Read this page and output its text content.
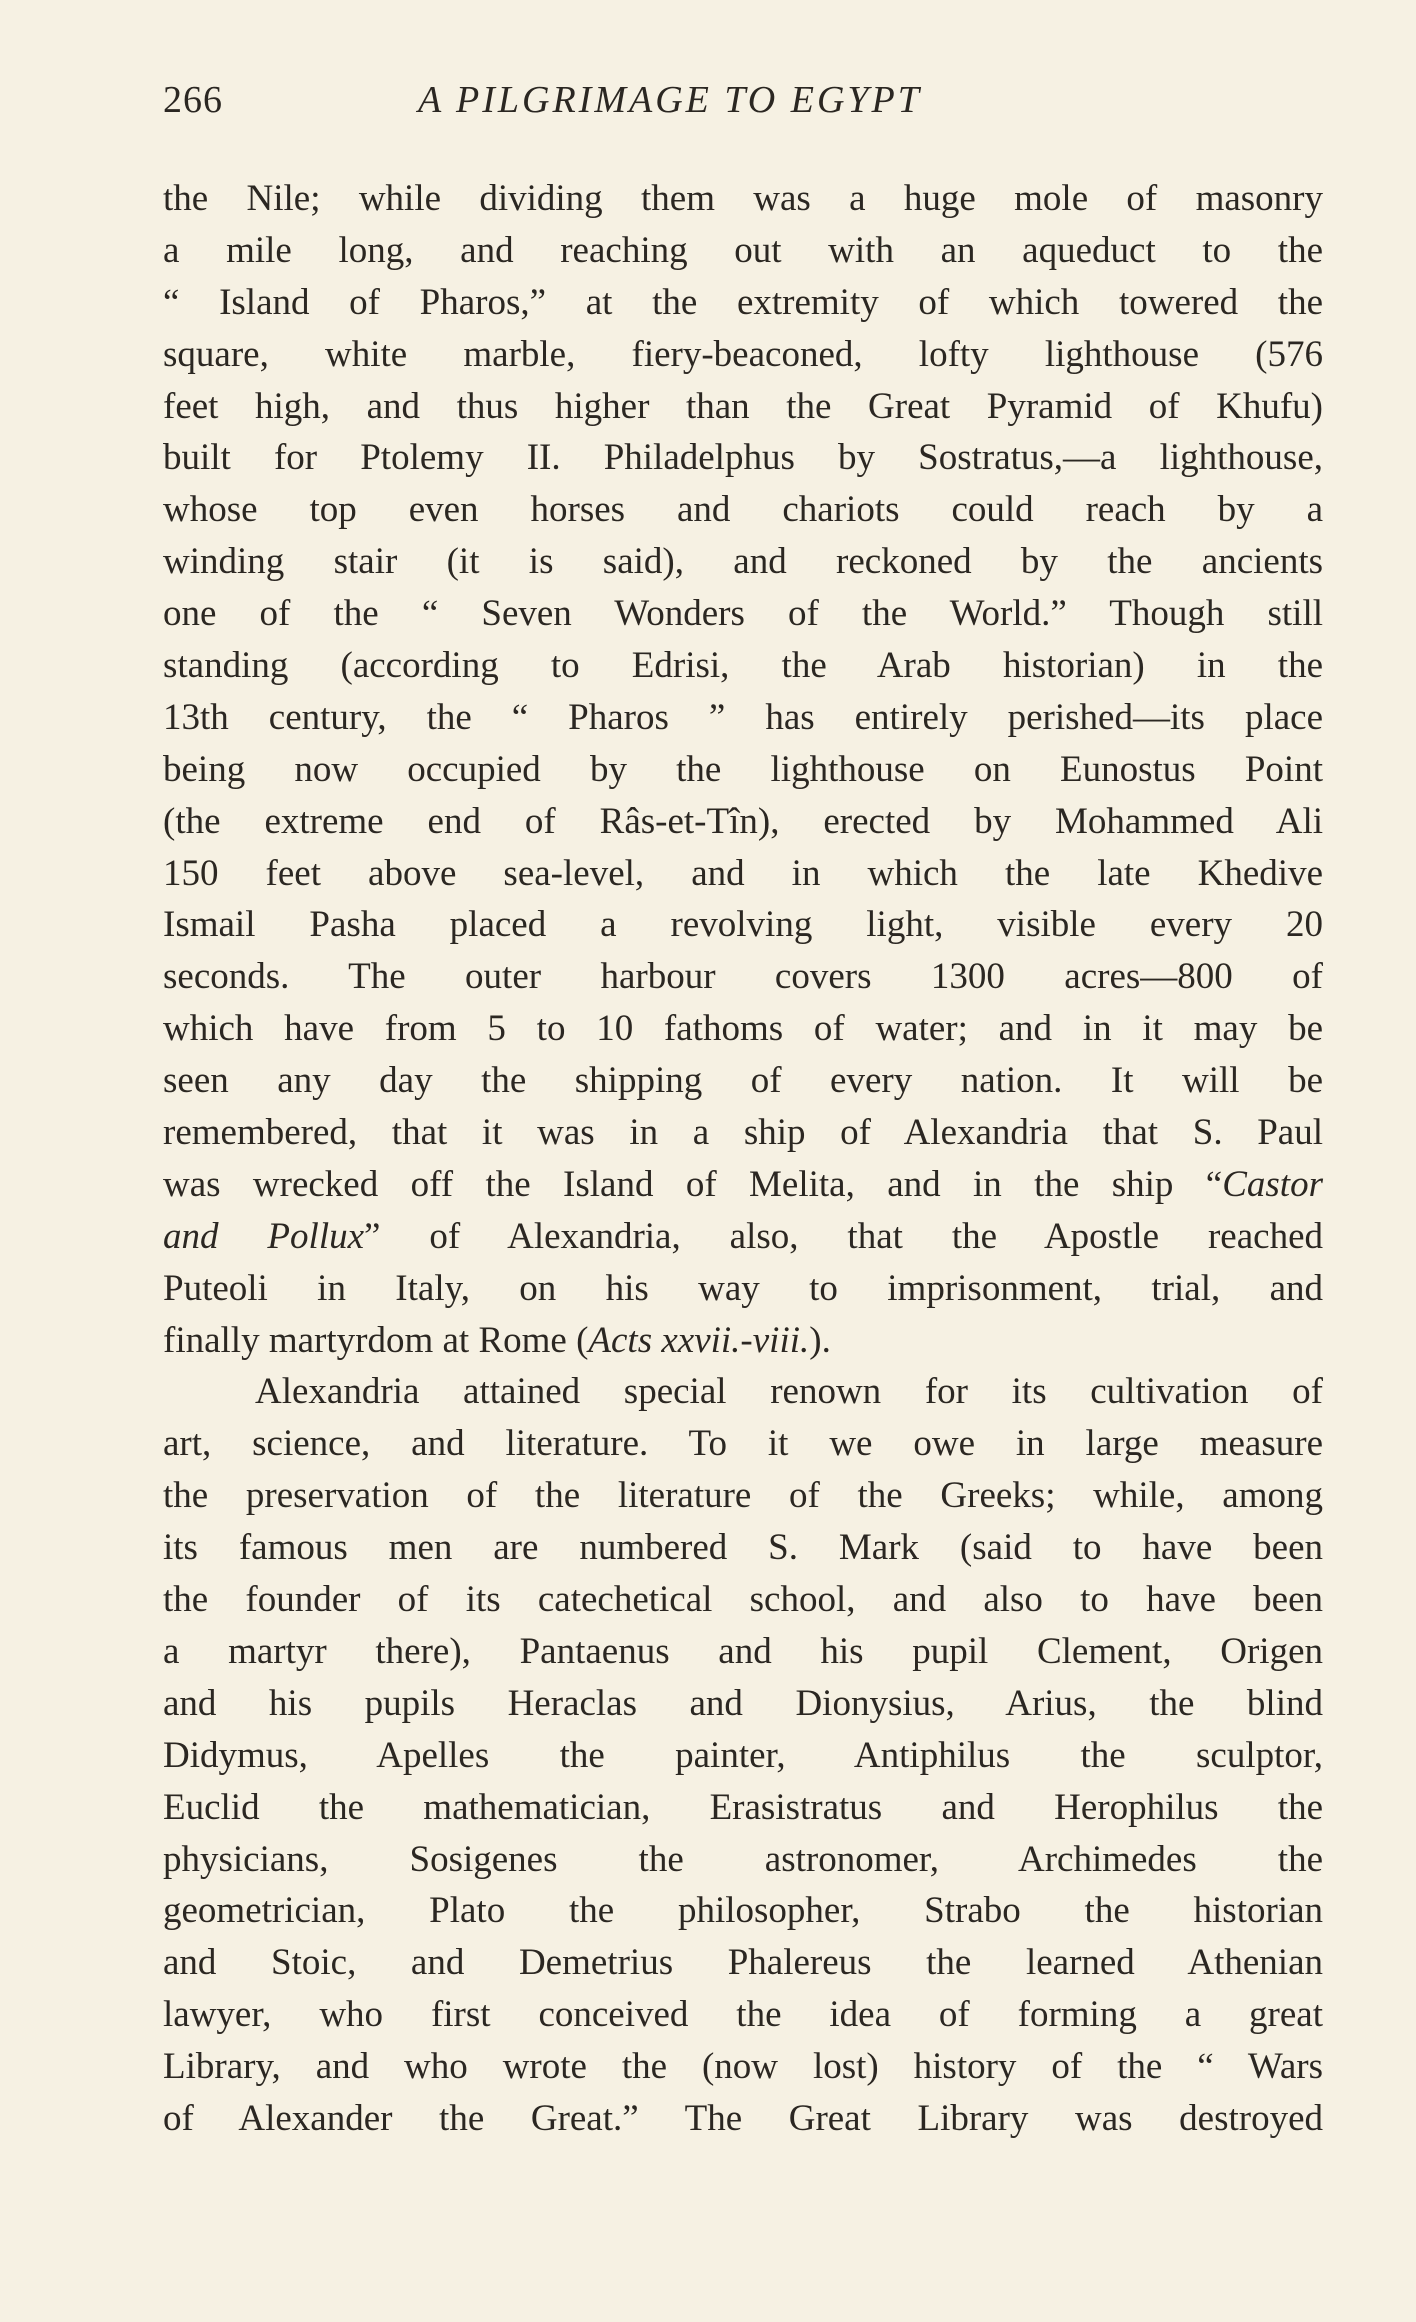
266	A PILGRIMAGE TO EGYPT
the Nile; while dividing them was a huge mole of masonry
a mile long, and reaching out with an aqueduct to the
“ Island of Pharos,” at the extremity of which towered the
square, white marble, fiery-beaconed, lofty lighthouse (576
feet high, and thus higher than the Great Pyramid of Khufu)
built for Ptolemy II. Philadelphus by Sostratus,—a lighthouse,
whose top even horses and chariots could reach by a
winding stair (it is said), and reckoned by the ancients
one of the “ Seven Wonders of the World.” Though still
standing (according to Edrisi, the Arab historian) in the
13th century, the “ Pharos ” has entirely perished—its place
being now occupied by the lighthouse on Eunostus Point
(the extreme end of Râs-et-Tîn), erected by Mohammed Ali
150 feet above sea-level, and in which the late Khedive
Ismail Pasha placed a revolving light, visible every 20
seconds. The outer harbour covers 1300 acres—800 of
which have from 5 to 10 fathoms of water; and in it may be
seen any day the shipping of every nation. It will be
remembered, that it was in a ship of Alexandria that S. Paul
was wrecked off the Island of Melita, and in the ship “Castor
and Pollux” of Alexandria, also, that the Apostle reached
Puteoli in Italy, on his way to imprisonment, trial, and
finally martyrdom at Rome (Acts xxvii.-viii.).
Alexandria attained special renown for its cultivation of
art, science, and literature. To it we owe in large measure
the preservation of the literature of the Greeks; while, among
its famous men are numbered S. Mark (said to have been
the founder of its catechetical school, and also to have been
a martyr there), Pantaenus and his pupil Clement, Origen
and his pupils Heraclas and Dionysius, Arius, the blind
Didymus, Apelles the painter, Antiphilus the sculptor,
Euclid the mathematician, Erasistratus and Herophilus the
physicians, Sosigenes the astronomer, Archimedes the
geometrician, Plato the philosopher, Strabo the historian
and Stoic, and Demetrius Phalereus the learned Athenian
lawyer, who first conceived the idea of forming a great
Library, and who wrote the (now lost) history of the “ Wars
of Alexander the Great.” The Great Library was destroyed
